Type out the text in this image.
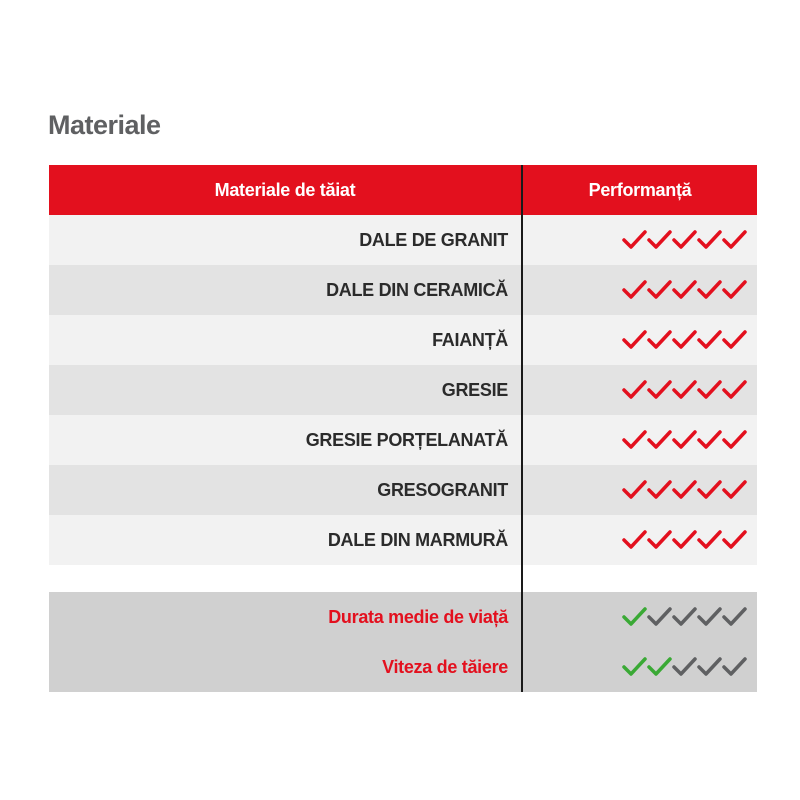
Materiale
Materiale de tăiat	Performanță
DALE DE GRANIT
DALE DIN CERAMICĂ
FAIANȚĂ
GRESIE
GRESIE PORȚELANATĂ
GRESOGRANIT
DALE DIN MARMURĂ
Durata medie de viață
Viteza de tăiere
